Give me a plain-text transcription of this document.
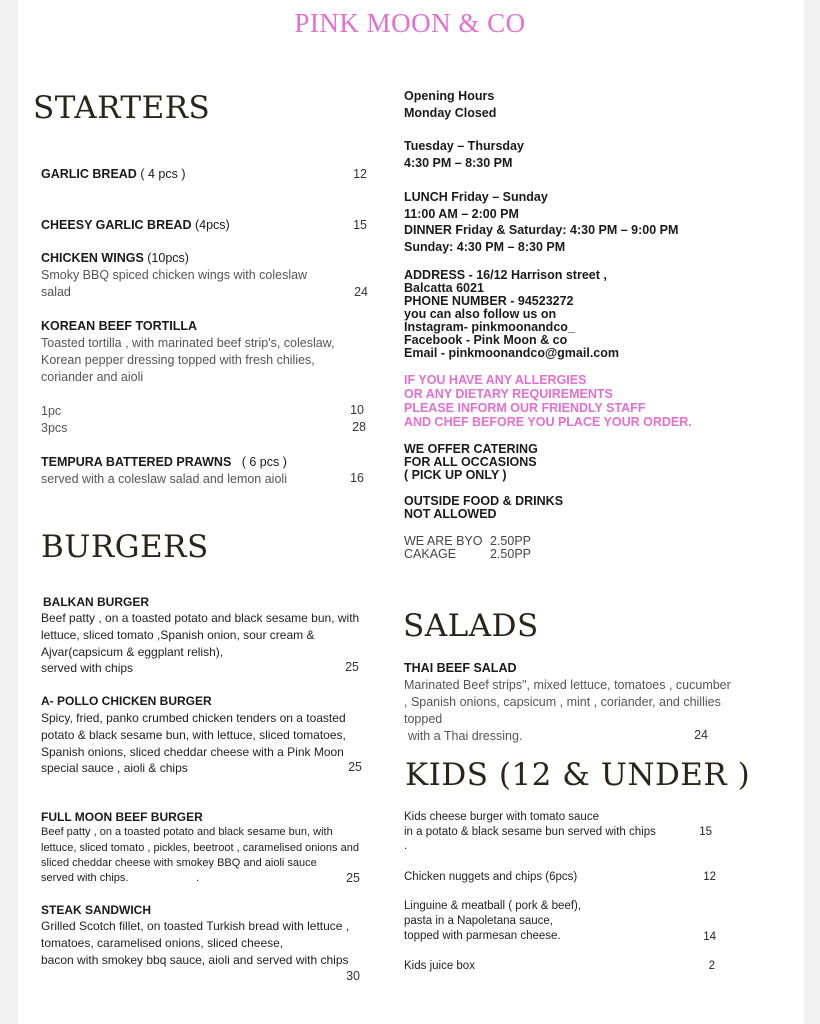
PINK MOON & CO
STARTERS
GARLIC BREAD ( 4 pcs )	12
CHEESY GARLIC BREAD (4pcs)	15
CHICKEN WINGS (10pcs)
Smoky BBQ spiced chicken wings with coleslaw salad	24
KOREAN BEEF TORTILLA
Toasted tortilla , with marinated beef strip's, coleslaw, Korean pepper dressing topped with fresh chilies, coriander and aioli
1pc	10
3pcs	28
TEMPURA BATTERED PRAWNS ( 6 pcs )
served with a coleslaw salad and lemon aioli	16
BURGERS
BALKAN BURGER
Beef patty , on a toasted potato and black sesame bun, with lettuce, sliced tomato ,Spanish onion, sour cream & Ajvar(capsicum & eggplant relish),
served with chips	25
A- POLLO CHICKEN BURGER
Spicy, fried, panko crumbed chicken tenders on a toasted potato & black sesame bun, with lettuce, sliced tomatoes, Spanish onions, sliced cheddar cheese with a Pink Moon
special sauce , aioli & chips	25
FULL MOON BEEF BURGER
Beef patty , on a toasted potato and black sesame bun, with lettuce, sliced tomato , pickles, beetroot , caramelised onions and sliced cheddar cheese with smokey BBQ and aioli sauce
served with chips.	.	25
STEAK SANDWICH
Grilled Scotch fillet, on toasted Turkish bread with lettuce , tomatoes, caramelised onions, sliced cheese,
bacon with smokey bbq sauce, aioli and served with chips
30
Opening Hours
Monday Closed
Tuesday – Thursday
4:30 PM – 8:30 PM
LUNCH Friday – Sunday
11:00 AM – 2:00 PM
DINNER Friday & Saturday: 4:30 PM – 9:00 PM
Sunday: 4:30 PM – 8:30 PM
ADDRESS - 16/12 Harrison street ,
Balcatta 6021
PHONE NUMBER - 94523272
you can also follow us on
Instagram- pinkmoonandco_
Facebook - Pink Moon & co
Email - pinkmoonandco@gmail.com
IF YOU HAVE ANY ALLERGIES
OR ANY DIETARY REQUIREMENTS
PLEASE INFORM OUR FRIENDLY STAFF
AND CHEF BEFORE YOU PLACE YOUR ORDER.
WE OFFER CATERING
FOR ALL OCCASIONS
( PICK UP ONLY )
OUTSIDE FOOD & DRINKS
NOT ALLOWED
WE ARE BYO 2.50PP
CAKAGE	2.50PP
SALADS
THAI BEEF SALAD
Marinated Beef strips", mixed lettuce, tomatoes , cucumber , Spanish onions, capsicum , mint , coriander, and chillies topped
with a Thai dressing.	24
KIDS (12 & UNDER )
Kids cheese burger with tomato sauce
in a potato & black sesame bun served with chips	15
.
Chicken nuggets and chips (6pcs)	12
Linguine & meatball ( pork & beef),
pasta in a Napoletana sauce,
topped with parmesan cheese.	14
Kids juice box	2
